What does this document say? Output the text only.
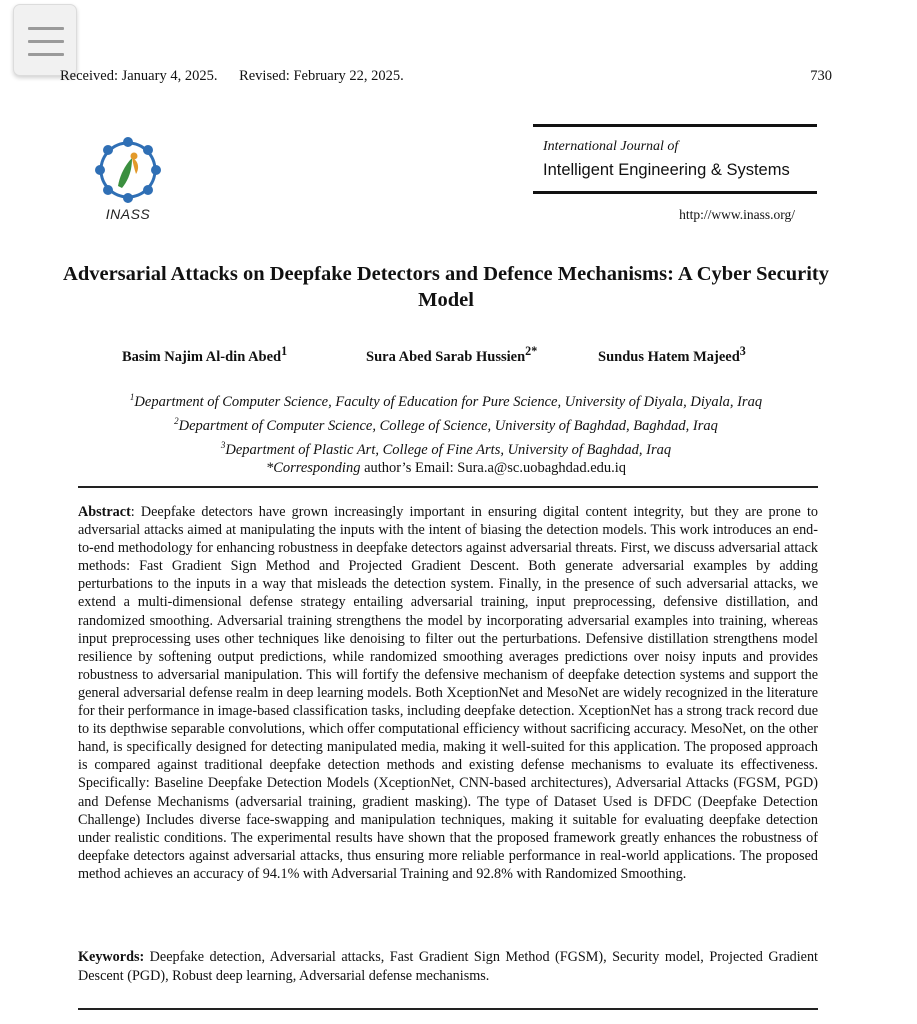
Received: January 4, 2025. Revised: February 22, 2025.	730
INASS
International Journal of
Intelligent Engineering & Systems
http://www.inass.org/
Adversarial Attacks on Deepfake Detectors and Defence Mechanisms: A Cyber Security Model
Basim Najim Al-din Abed$^1$	Sura Abed Sarab Hussien$^{2*}$	Sundus Hatem Majeed$^3$
$^1$Department of Computer Science, Faculty of Education for Pure Science, University of Diyala, Diyala, Iraq
$^2$Department of Computer Science, College of Science, University of Baghdad, Baghdad, Iraq
$^3$Department of Plastic Art, College of Fine Arts, University of Baghdad, Iraq
*Corresponding author’s Email: Sura.a@sc.uobaghdad.edu.iq
Abstract: Deepfake detectors have grown increasingly important in ensuring digital content integrity, but they are prone to adversarial attacks aimed at manipulating the inputs with the intent of biasing the detection models. This work introduces an end-to-end methodology for enhancing robustness in deepfake detectors against adversarial threats. First, we discuss adversarial attack methods: Fast Gradient Sign Method and Projected Gradient Descent. Both generate adversarial examples by adding perturbations to the inputs in a way that misleads the detection system. Finally, in the presence of such adversarial attacks, we extend a multi-dimensional defense strategy entailing adversarial training, input preprocessing, defensive distillation, and randomized smoothing. Adversarial training strengthens the model by incorporating adversarial examples into training, whereas input preprocessing uses other techniques like denoising to filter out the perturbations. Defensive distillation strengthens model resilience by softening output predictions, while randomized smoothing averages predictions over noisy inputs and provides robustness to adversarial manipulation. This will fortify the defensive mechanism of deepfake detection systems and support the general adversarial defense realm in deep learning models. Both XceptionNet and MesoNet are widely recognized in the literature for their performance in image-based classification tasks, including deepfake detection. XceptionNet has a strong track record due to its depthwise separable convolutions, which offer computational efficiency without sacrificing accuracy. MesoNet, on the other hand, is specifically designed for detecting manipulated media, making it well-suited for this application. The proposed approach is compared against traditional deepfake detection methods and existing defense mechanisms to evaluate its effectiveness. Specifically: Baseline Deepfake Detection Models (XceptionNet, CNN-based architectures), Adversarial Attacks (FGSM, PGD) and Defense Mechanisms (adversarial training, gradient masking). The type of Dataset Used is DFDC (Deepfake Detection Challenge) Includes diverse face-swapping and manipulation techniques, making it suitable for evaluating deepfake detection under realistic conditions. The experimental results have shown that the proposed framework greatly enhances the robustness of deepfake detectors against adversarial attacks, thus ensuring more reliable performance in real-world applications. The proposed method achieves an accuracy of 94.1% with Adversarial Training and 92.8% with Randomized Smoothing.
Keywords: Deepfake detection, Adversarial attacks, Fast Gradient Sign Method (FGSM), Security model, Projected Gradient Descent (PGD), Robust deep learning, Adversarial defense mechanisms.
